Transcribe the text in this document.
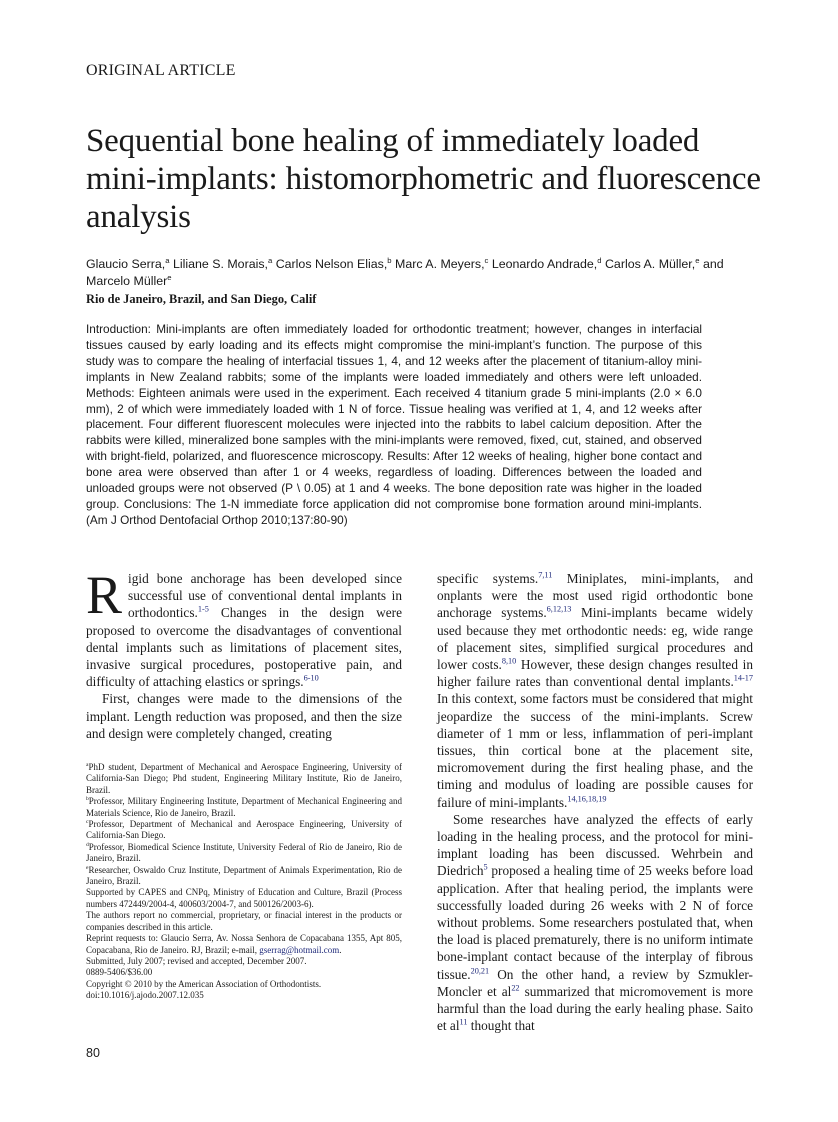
ORIGINAL ARTICLE
Sequential bone healing of immediately loaded mini-implants: histomorphometric and fluorescence analysis
Glaucio Serra,$^a$ Liliane S. Morais,$^a$ Carlos Nelson Elias,$^b$ Marc A. Meyers,$^c$ Leonardo Andrade,$^d$ Carlos A. Müller,$^e$ and Marcelo Müller$^e$
Rio de Janeiro, Brazil, and San Diego, Calif

Introduction: Mini-implants are often immediately loaded for orthodontic treatment; however, changes in interfacial tissues caused by early loading and its effects might compromise the mini-implant’s function. The purpose of this study was to compare the healing of interfacial tissues 1, 4, and 12 weeks after the placement of titanium-alloy mini-implants in New Zealand rabbits; some of the implants were loaded immediately and others were left unloaded. Methods: Eighteen animals were used in the experiment. Each received 4 titanium grade 5 mini-implants (2.0 × 6.0 mm), 2 of which were immediately loaded with 1 N of force. Tissue healing was verified at 1, 4, and 12 weeks after placement. Four different fluorescent molecules were injected into the rabbits to label calcium deposition. After the rabbits were killed, mineralized bone samples with the mini-implants were removed, fixed, cut, stained, and observed with bright-field, polarized, and fluorescence microscopy. Results: After 12 weeks of healing, higher bone contact and bone area were observed than after 1 or 4 weeks, regardless of loading. Differences between the loaded and unloaded groups were not observed (P \ 0.05) at 1 and 4 weeks. The bone deposition rate was higher in the loaded group. Conclusions: The 1-N immediate force application did not compromise bone formation around mini-implants. (Am J Orthod Dentofacial Orthop 2010;137:80-90)

Rigid bone anchorage has been developed since successful use of conventional dental implants in orthodontics.$^{1-5}$ Changes in the design were proposed to overcome the disadvantages of conventional dental implants such as limitations of placement sites, invasive surgical procedures, postoperative pain, and difficulty of attaching elastics or springs.$^{6-10}$

First, changes were made to the dimensions of the implant. Length reduction was proposed, and then the size and design were completely changed, creating

specific systems.$^{7,11}$ Miniplates, mini-implants, and onplants were the most used rigid orthodontic bone anchorage systems.$^{6,12,13}$ Mini-implants became widely used because they met orthodontic needs: eg, wide range of placement sites, simplified surgical procedures and lower costs.$^{8,10}$ However, these design changes resulted in higher failure rates than conventional dental implants.$^{14-17}$ In this context, some factors must be considered that might jeopardize the success of the mini-implants. Screw diameter of 1 mm or less, inflammation of peri-implant tissues, thin cortical bone at the placement site, micromovement during the first healing phase, and the timing and modulus of loading are possible causes for failure of mini-implants.$^{14,16,18,19}$

Some researches have analyzed the effects of early loading in the healing process, and the protocol for mini-implant loading has been discussed. Wehrbein and Diedrich$^5$ proposed a healing time of 25 weeks before load application. After that healing period, the implants were successfully loaded during 26 weeks with 2 N of force without problems. Some researchers postulated that, when the load is placed prematurely, there is no uniform intimate bone-implant contact because of the interplay of fibrous tissue.$^{20,21}$ On the other hand, a review by Szmukler-Moncler et al$^{22}$ summarized that micromovement is more harmful than the load during the early healing phase. Saito et al$^{11}$ thought that

$^a$PhD student, Department of Mechanical and Aerospace Engineering, University of California-San Diego; Phd student, Engineering Military Institute, Rio de Janeiro, Brazil.
$^b$Professor, Military Engineering Institute, Department of Mechanical Engineering and Materials Science, Rio de Janeiro, Brazil.
$^c$Professor, Department of Mechanical and Aerospace Engineering, University of California-San Diego.
$^d$Professor, Biomedical Science Institute, University Federal of Rio de Janeiro, Rio de Janeiro, Brazil.
$^e$Researcher, Oswaldo Cruz Institute, Department of Animals Experimentation, Rio de Janeiro, Brazil.
Supported by CAPES and CNPq, Ministry of Education and Culture, Brazil (Process numbers 472449/2004-4, 400603/2004-7, and 500126/2003-6).
The authors report no commercial, proprietary, or finacial interest in the products or companies described in this article.
Reprint requests to: Glaucio Serra, Av. Nossa Senhora de Copacabana 1355, Apt 805, Copacabana, Rio de Janeiro. RJ, Brazil; e-mail, gserrag@hotmail.com.
Submitted, July 2007; revised and accepted, December 2007.
0889-5406/$36.00
Copyright © 2010 by the American Association of Orthodontists.
doi:10.1016/j.ajodo.2007.12.035
80
